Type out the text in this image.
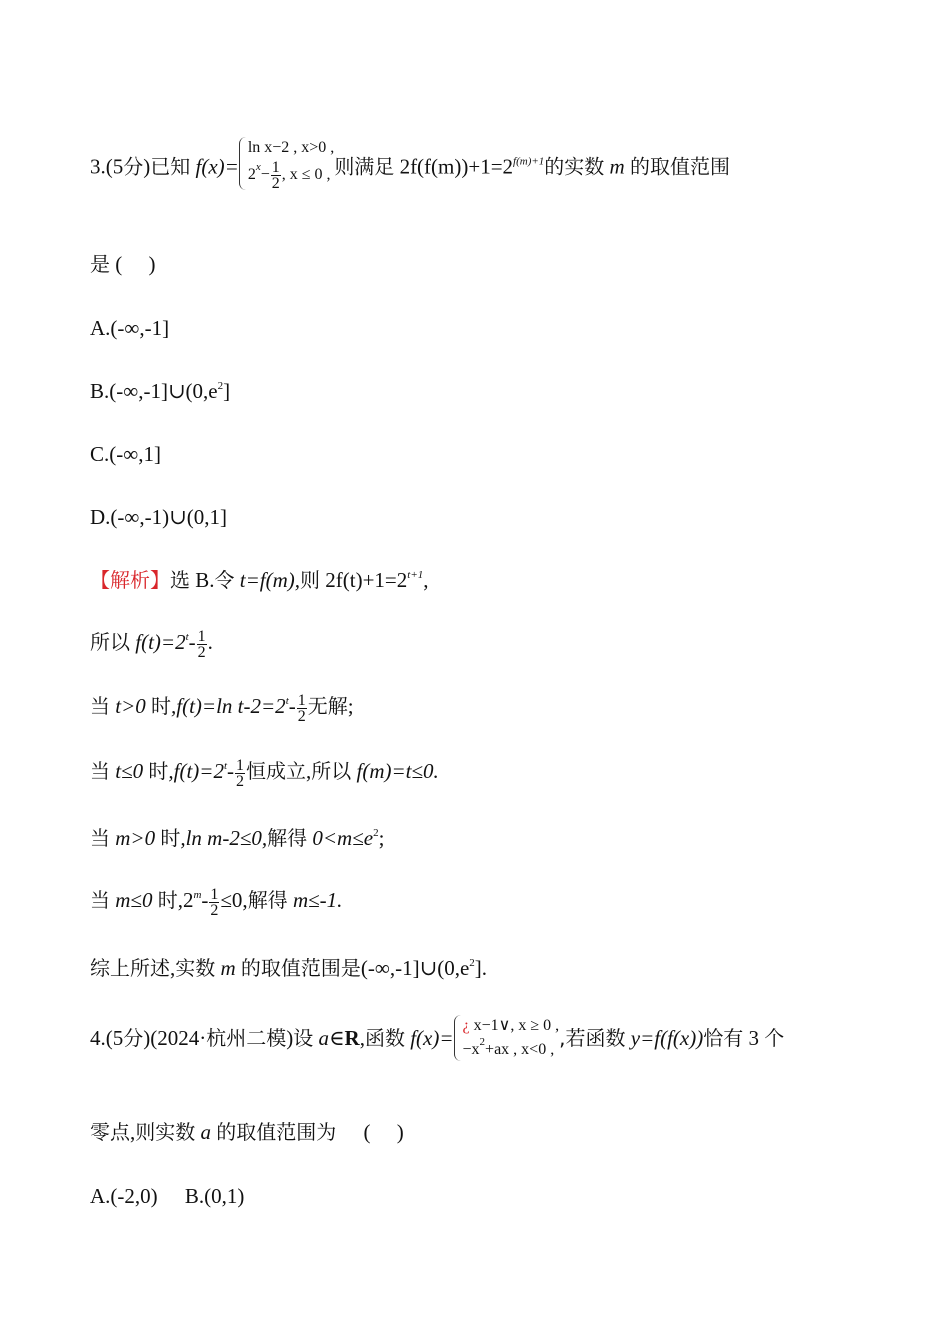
3.(5分)已知 f(x)=
ln x−2 , x>0 ,
$2^x- \frac{1}{2}$ , x ≤ 0 , 则满足 $2f(f(m))+1=2^{f(m)+1}$的实数 m 的取值范围
是 (     )
A.(-∞,-1]
$B.(-\infty,-1]\cup(0,e^2]$
C.(-∞,1]
D.(-∞,-1)∪(0,1]
【解析】选 B.令 t=f(m),则 $2f(t)+1=2^{t+1}$,
所以 $f(t)=2^t- \frac{1}{2}$ .
当 t>0 时,f(t)=ln $t-2=2^t- \frac{1}{2}$ 无解;
当 t≤0 时$,f(t)=2^t- \frac{1}{2}$ 恒成立,所以 f(m)=t≤0.
当 m>0 时,ln m-2≤0,解得 $0<m\le e^2$;
当 m≤0 时$,2^m- \frac{1}{2} \le 0$,解得 m≤-1.
综上所述,实数 m 的取值范围是$(-\infty,-1]\cup(0,e^2]$.
4.(5分)(2024·杭州二模)设 a∈R,函数 f(x)=
¿ x−1∨, x ≥ 0 ,
$-x^2+ax$ , x<0 , ,若函数 y=f(f(x))恰有 3 个
零点,则实数 a 的取值范围为 (     )
A.(-2,0) B.(0,1)
